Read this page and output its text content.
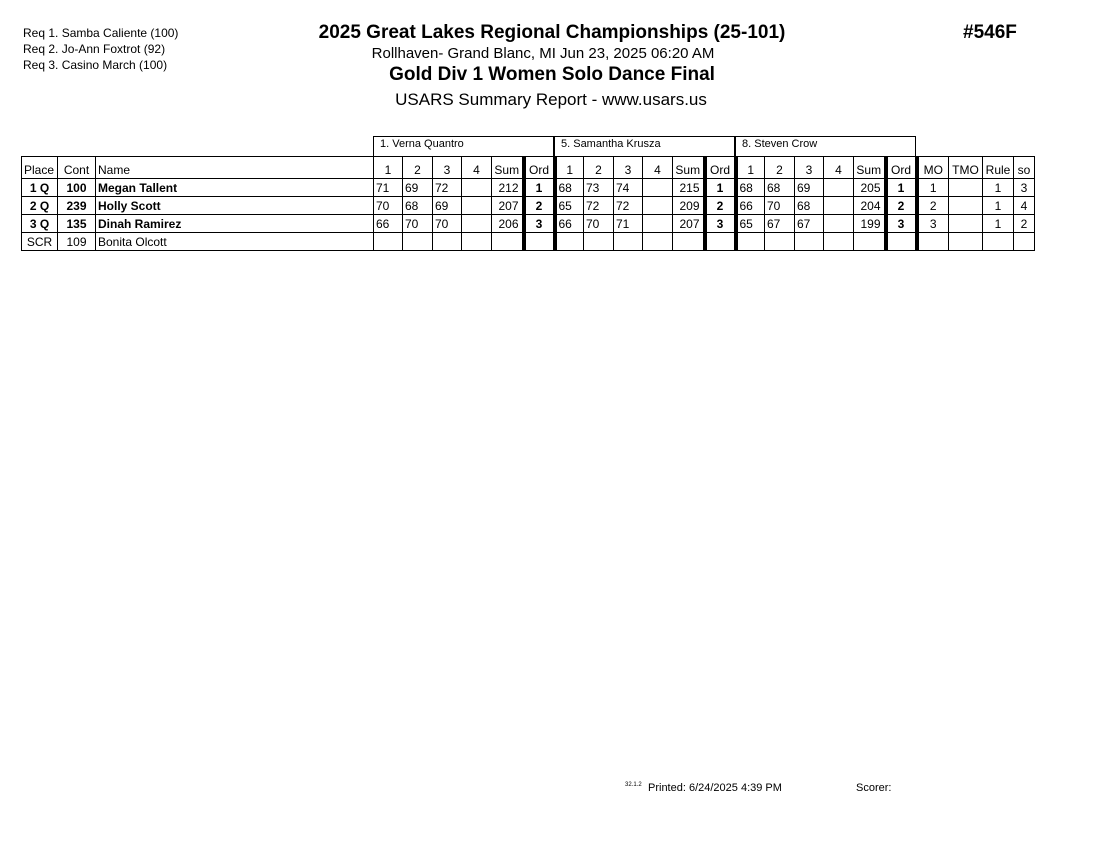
Req 1. Samba Caliente (100)
Req 2. Jo-Ann Foxtrot (92)
Req 3. Casino March (100)
2025 Great Lakes Regional Championships (25-101)	#546F
Rollhaven- Grand Blanc, MI Jun 23, 2025 06:20 AM
Gold Div 1 Women Solo Dance Final
USARS Summary Report - www.usars.us
1. Verna Quantro	5. Samantha Krusza	8. Steven Crow
Place	Cont	Name	1	2	3	4	Sum	Ord	1	2	3	4	Sum	Ord	1	2	3	4	Sum	Ord	MO	TMO	Rule	so
1 Q	100	Megan Tallent	71	69	72		212	1	68	73	74		215	1	68	68	69		205	1	1		1	3
2 Q	239	Holly Scott	70	68	69		207	2	65	72	72		209	2	66	70	68		204	2	2		1	4
3 Q	135	Dinah Ramirez	66	70	70		206	3	66	70	71		207	3	65	67	67		199	3	3		1	2
SCR	109	Bonita Olcott																						
32.1.2 Printed: 6/24/2025 4:39 PM	Scorer:
